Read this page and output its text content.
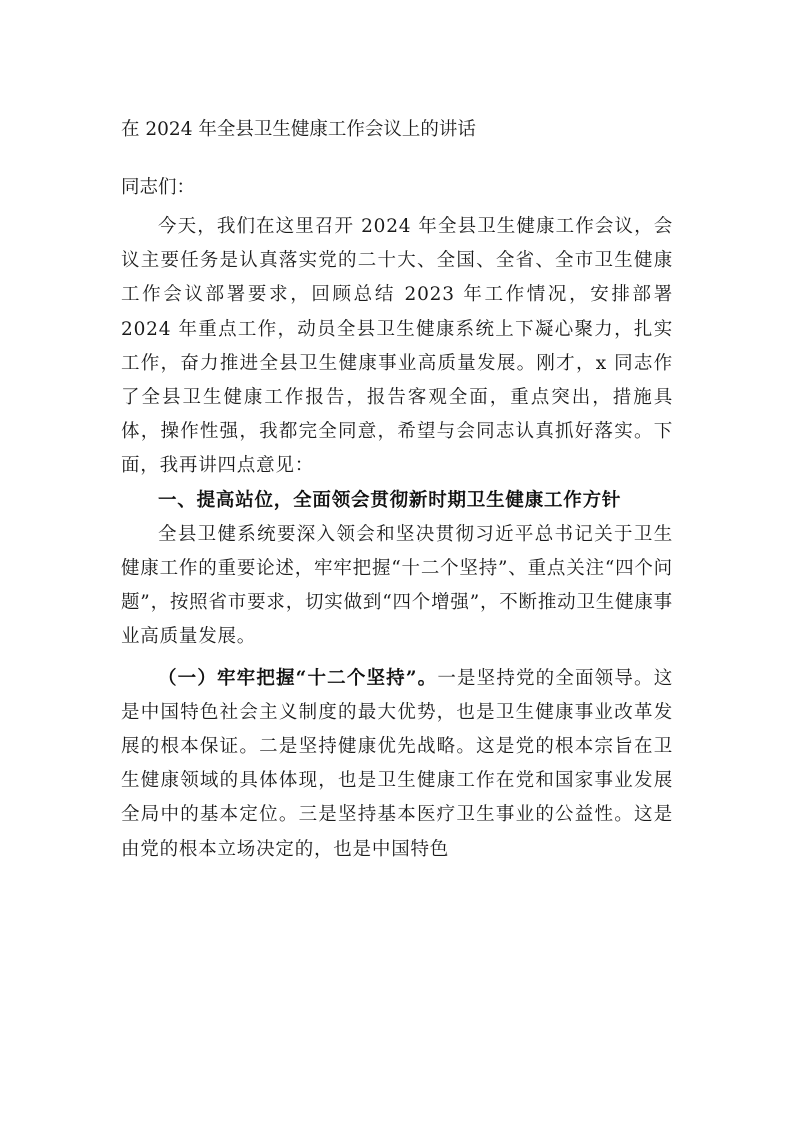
在 2024 年全县卫生健康工作会议上的讲话
同志们：

今天，我们在这里召开 2024 年全县卫生健康工作会议，会议主要任务是认真落实党的二十大、全国、全省、全市卫生健康工作会议部署要求，回顾总结 2023 年工作情况，安排部署 2024 年重点工作，动员全县卫生健康系统上下凝心聚力，扎实工作，奋力推进全县卫生健康事业高质量发展。刚才，x 同志作了全县卫生健康工作报告，报告客观全面，重点突出，措施具体，操作性强，我都完全同意，希望与会同志认真抓好落实。下面，我再讲四点意见：

一、提高站位，全面领会贯彻新时期卫生健康工作方针

全县卫健系统要深入领会和坚决贯彻习近平总书记关于卫生健康工作的重要论述，牢牢把握“十二个坚持”、重点关注“四个问题”，按照省市要求，切实做到“四个增强”，不断推动卫生健康事业高质量发展。

（一）牢牢把握“十二个坚持”。一是坚持党的全面领导。这是中国特色社会主义制度的最大优势，也是卫生健康事业改革发展的根本保证。二是坚持健康优先战略。这是党的根本宗旨在卫生健康领域的具体体现，也是卫生健康工作在党和国家事业发展全局中的基本定位。三是坚持基本医疗卫生事业的公益性。这是由党的根本立场决定的，也是中国特色
